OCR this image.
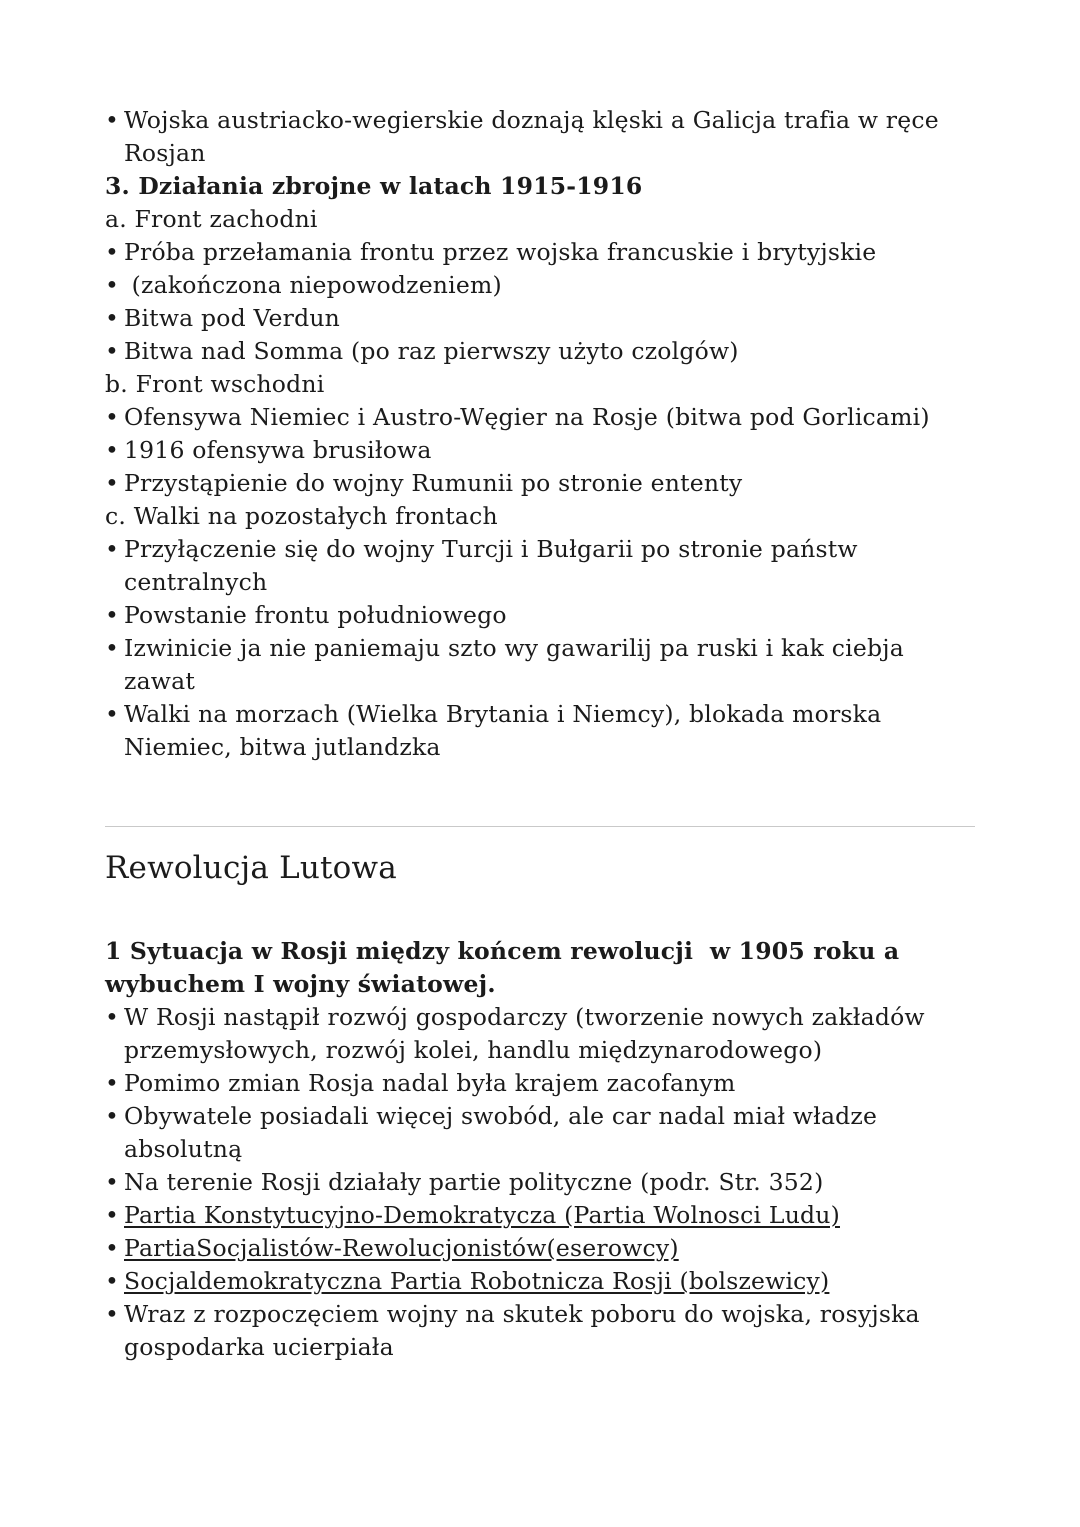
• Wojska austriacko-wegierskie doznają klęski a Galicja trafia w ręce Rosjan
3. Działania zbrojne w latach 1915-1916
a. Front zachodni
• Próba przełamania frontu przez wojska francuskie i brytyjskie
• (zakończona niepowodzeniem)
• Bitwa pod Verdun
• Bitwa nad Somma (po raz pierwszy użyto czolgów)
b. Front wschodni
• Ofensywa Niemiec i Austro-Węgier na Rosje (bitwa pod Gorlicami)
• 1916 ofensywa brusiłowa
• Przystąpienie do wojny Rumunii po stronie ententy
c. Walki na pozostałych frontach
• Przyłączenie się do wojny Turcji i Bułgarii po stronie państw centralnych
• Powstanie frontu południowego
• Izwinicie ja nie paniemaju szto wy gawarilij pa ruski i kak ciebja zawat
• Walki na morzach (Wielka Brytania i Niemcy), blokada morska Niemiec, bitwa jutlandzka
Rewolucja Lutowa
1 Sytuacja w Rosji między końcem rewolucji  w 1905 roku a wybuchem I wojny światowej.
• W Rosji nastąpił rozwój gospodarczy (tworzenie nowych zakładów przemysłowych, rozwój kolei, handlu międzynarodowego)
• Pomimo zmian Rosja nadal była krajem zacofanym
• Obywatele posiadali więcej swobód, ale car nadal miał władze absolutną
• Na terenie Rosji działały partie polityczne (podr. Str. 352)
• Partia Konstytucyjno-Demokratycza (Partia Wolnosci Ludu)
• PartiaSocjalistów-Rewolucjonistów(eserowcy)
• Socjaldemokratyczna Partia Robotnicza Rosji (bolszewicy)
• Wraz z rozpoczęciem wojny na skutek poboru do wojska, rosyjska gospodarka ucierpiała
